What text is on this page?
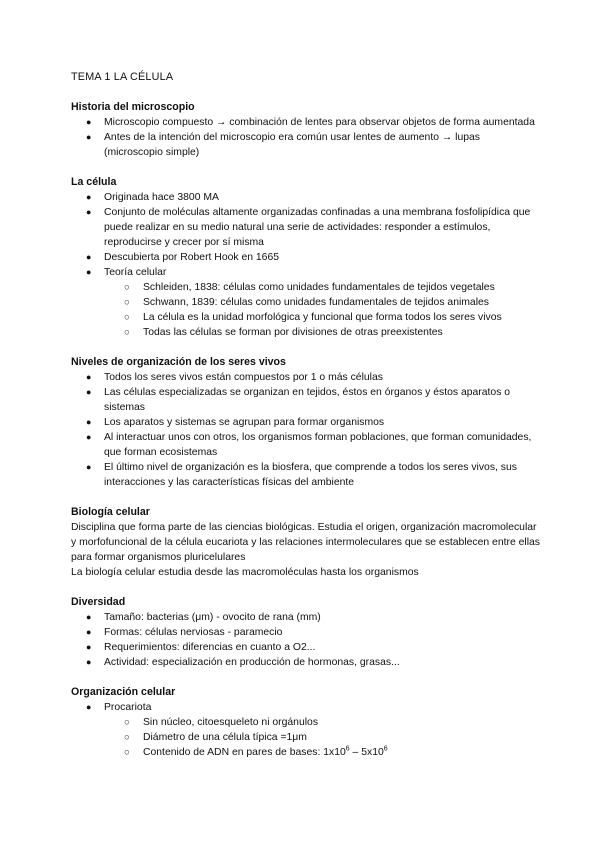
TEMA 1 LA CÉLULA

Historia del microscopio
● Microscopio compuesto → combinación de lentes para observar objetos de forma aumentada
● Antes de la intención del microscopio era común usar lentes de aumento → lupas (microscopio simple)
La célula
● Originada hace 3800 MA
● Conjunto de moléculas altamente organizadas confinadas a una membrana fosfolipídica que puede realizar en su medio natural una serie de actividades: responder a estímulos, reproducirse y crecer por sí misma
● Descubierta por Robert Hook en 1665
● Teoría celular
○ Schleiden, 1838: células como unidades fundamentales de tejidos vegetales
○ Schwann, 1839: células como unidades fundamentales de tejidos animales
○ La célula es la unidad morfológica y funcional que forma todos los seres vivos
○ Todas las células se forman por divisiones de otras preexistentes
Niveles de organización de los seres vivos
● Todos los seres vivos están compuestos por 1 o más células
● Las células especializadas se organizan en tejidos, éstos en órganos y éstos aparatos o sistemas
● Los aparatos y sistemas se agrupan para formar organismos
● Al interactuar unos con otros, los organismos forman poblaciones, que forman comunidades, que forman ecosistemas
● El último nivel de organización es la biosfera, que comprende a todos los seres vivos, sus interacciones y las características físicas del ambiente
Biología celular

Disciplina que forma parte de las ciencias biológicas. Estudia el origen, organización macromolecular y morfofuncional de la célula eucariota y las relaciones intermoleculares que se establecen entre ellas para formar organismos pluricelulares

La biología celular estudia desde las macromoléculas hasta los organismos

Diversidad
● Tamaño: bacterias (μm) - ovocito de rana (mm)
● Formas: células nerviosas - paramecio
● Requerimientos: diferencias en cuanto a O2...
● Actividad: especialización en producción de hormonas, grasas...
Organización celular
● Procariota
○ Sin núcleo, citoesqueleto ni orgánulos
○ Diámetro de una célula típica =1μm
○ Contenido de ADN en pares de bases: $1x10^6 - 5x10^6$
